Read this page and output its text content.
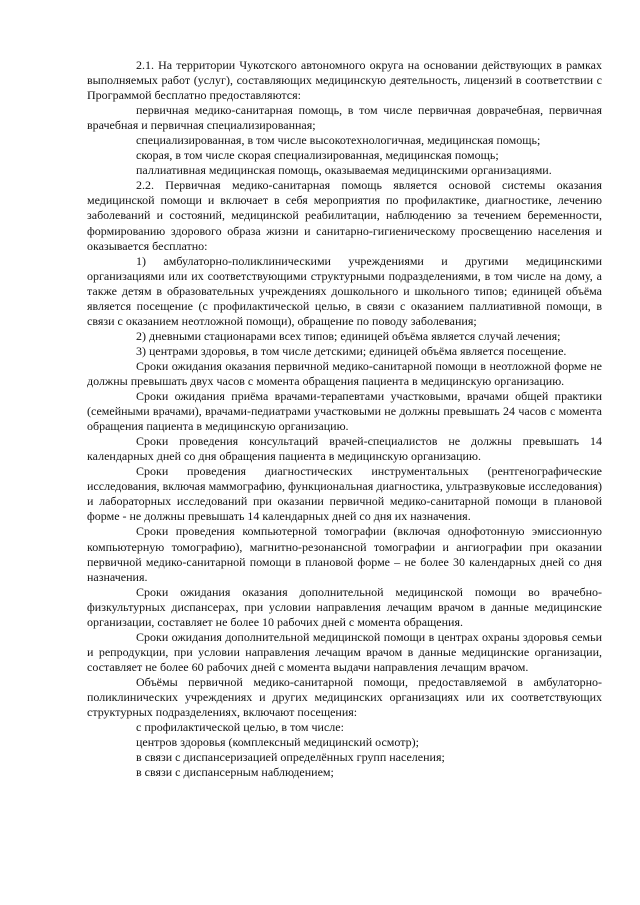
2.1. На территории Чукотского автономного округа на основании действующих в рамках выполняемых работ (услуг), составляющих медицинскую деятельность, лицензий в соответствии с Программой бесплатно предоставляются:

первичная медико-санитарная помощь, в том числе первичная доврачебная, первичная врачебная и первичная специализированная;

специализированная, в том числе высокотехнологичная, медицинская помощь;

скорая, в том числе скорая специализированная, медицинская помощь;

паллиативная медицинская помощь, оказываемая медицинскими организациями.

2.2. Первичная медико-санитарная помощь является основой системы оказания медицинской помощи и включает в себя мероприятия по профилактике, диагностике, лечению заболеваний и состояний, медицинской реабилитации, наблюдению за течением беременности, формированию здорового образа жизни и санитарно-гигиеническому просвещению населения и оказывается бесплатно:

1) амбулаторно-поликлиническими учреждениями и другими медицинскими организациями или их соответствующими структурными подразделениями, в том числе на дому, а также детям в образовательных учреждениях дошкольного и школьного типов; единицей объёма является посещение (с профилактической целью, в связи с оказанием паллиативной помощи, в связи с оказанием неотложной помощи), обращение по поводу заболевания;

2) дневными стационарами всех типов; единицей объёма является случай лечения;

3) центрами здоровья, в том числе детскими; единицей объёма является посещение.

Сроки ожидания оказания первичной медико-санитарной помощи в неотложной форме не должны превышать двух часов с момента обращения пациента в медицинскую организацию.

Сроки ожидания приёма врачами-терапевтами участковыми, врачами общей практики (семейными врачами), врачами-педиатрами участковыми не должны превышать 24 часов с момента обращения пациента в медицинскую организацию.

Сроки проведения консультаций врачей-специалистов не должны превышать 14 календарных дней со дня обращения пациента в медицинскую организацию.

Сроки проведения диагностических инструментальных (рентгенографические исследования, включая маммографию, функциональная диагностика, ультразвуковые исследования) и лабораторных исследований при оказании первичной медико-санитарной помощи в плановой форме - не должны превышать 14 календарных дней со дня их назначения.

Сроки проведения компьютерной томографии (включая однофотонную эмиссионную компьютерную томографию), магнитно-резонансной томографии и ангиографии при оказании первичной медико-санитарной помощи в плановой форме – не более 30 календарных дней со дня назначения.

Сроки ожидания оказания дополнительной медицинской помощи во врачебно-физкультурных диспансерах, при условии направления лечащим врачом в данные медицинские организации, составляет не более 10 рабочих дней с момента обращения.

Сроки ожидания дополнительной медицинской помощи в центрах охраны здоровья семьи и репродукции, при условии направления лечащим врачом в данные медицинские организации, составляет не более 60 рабочих дней с момента выдачи направления лечащим врачом.

Объёмы первичной медико-санитарной помощи, предоставляемой в амбулаторно-поликлинических учреждениях и других медицинских организациях или их соответствующих структурных подразделениях, включают посещения:

с профилактической целью, в том числе:

центров здоровья (комплексный медицинский осмотр);

в связи с диспансеризацией определённых групп населения;

в связи с диспансерным наблюдением;
